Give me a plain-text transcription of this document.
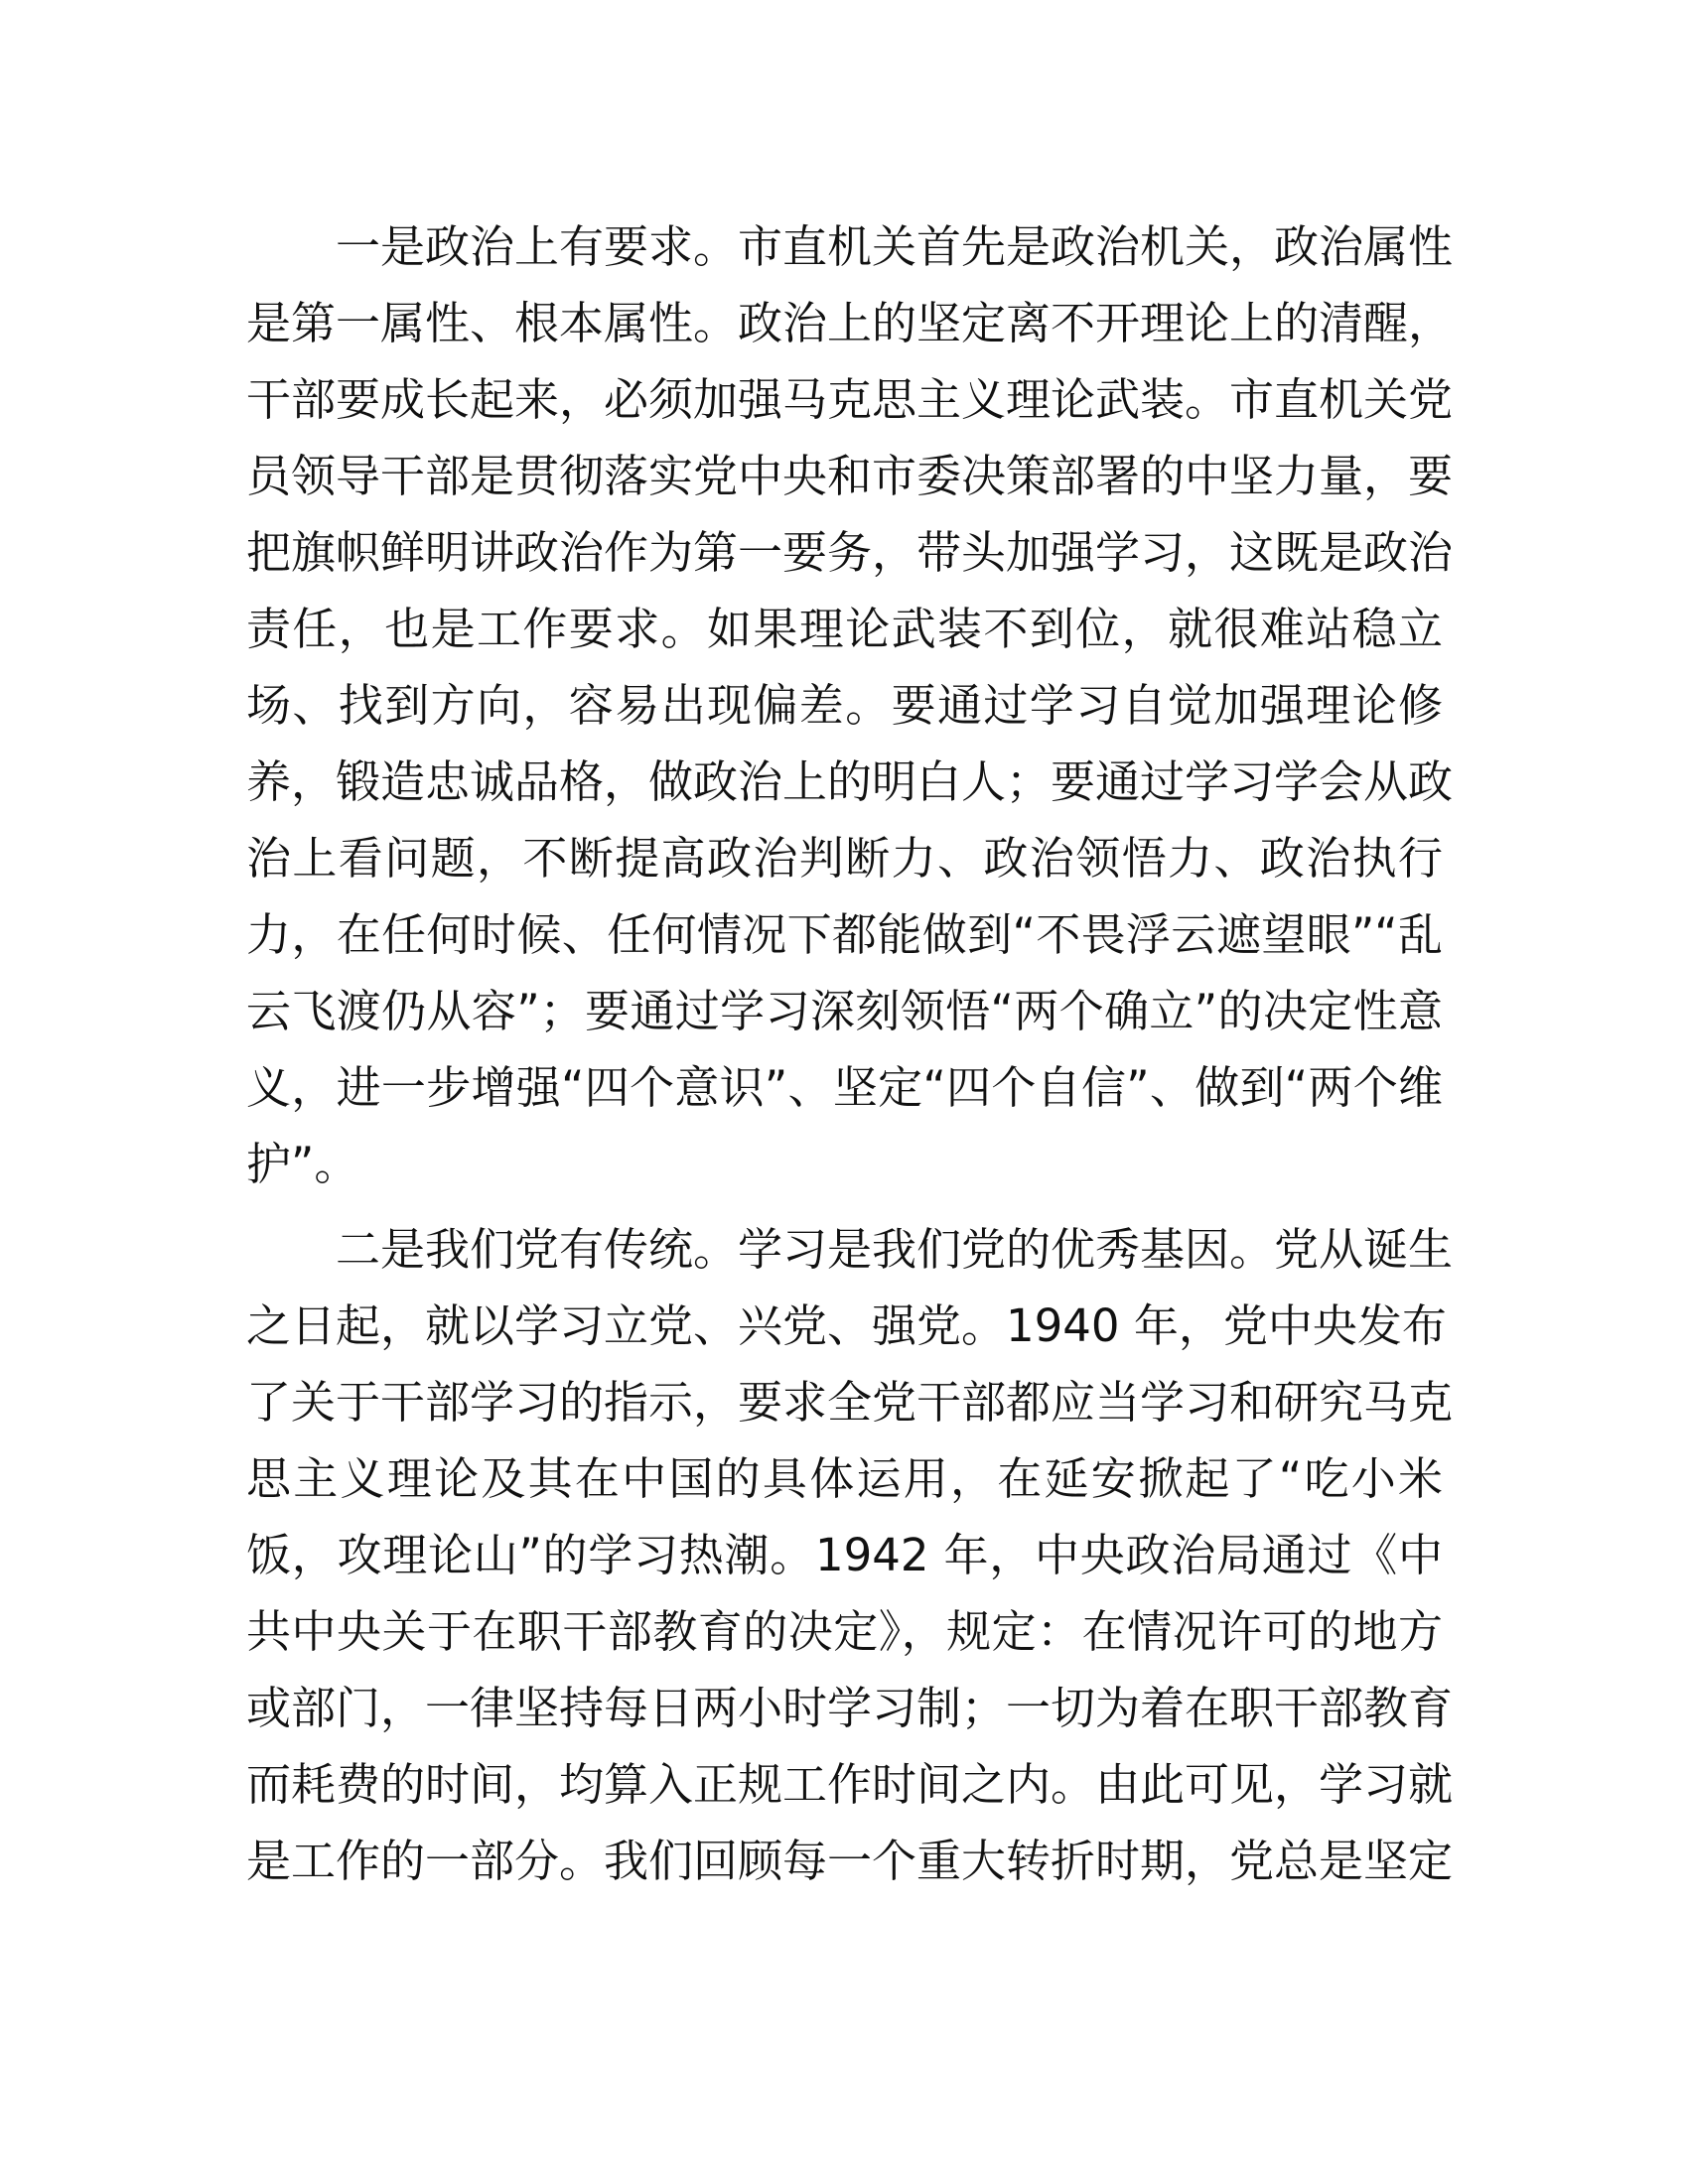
一是政治上有要求。市直机关首先是政治机关，政治属性
是第一属性、根本属性。政治上的坚定离不开理论上的清醒，
干部要成长起来，必须加强马克思主义理论武装。市直机关党
员领导干部是贯彻落实党中央和市委决策部署的中坚力量，要
把旗帜鲜明讲政治作为第一要务，带头加强学习，这既是政治
责任，也是工作要求。如果理论武装不到位，就很难站稳立
场、找到方向，容易出现偏差。要通过学习自觉加强理论修
养，锻造忠诚品格，做政治上的明白人；要通过学习学会从政
治上看问题，不断提高政治判断力、政治领悟力、政治执行
力，在任何时候、任何情况下都能做到“不畏浮云遮望眼”“乱
云飞渡仍从容”；要通过学习深刻领悟“两个确立”的决定性意
义，进一步增强“四个意识”、坚定“四个自信”、做到“两个维
护”。

二是我们党有传统。学习是我们党的优秀基因。党从诞生
之日起，就以学习立党、兴党、强党。1940 年，党中央发布
了关于干部学习的指示，要求全党干部都应当学习和研究马克
思主义理论及其在中国的具体运用，在延安掀起了“吃小米
饭，攻理论山”的学习热潮。1942 年，中央政治局通过《中
共中央关于在职干部教育的决定》，规定：在情况许可的地方
或部门，一律坚持每日两小时学习制；一切为着在职干部教育
而耗费的时间，均算入正规工作时间之内。由此可见，学习就
是工作的一部分。我们回顾每一个重大转折时期，党总是坚定
